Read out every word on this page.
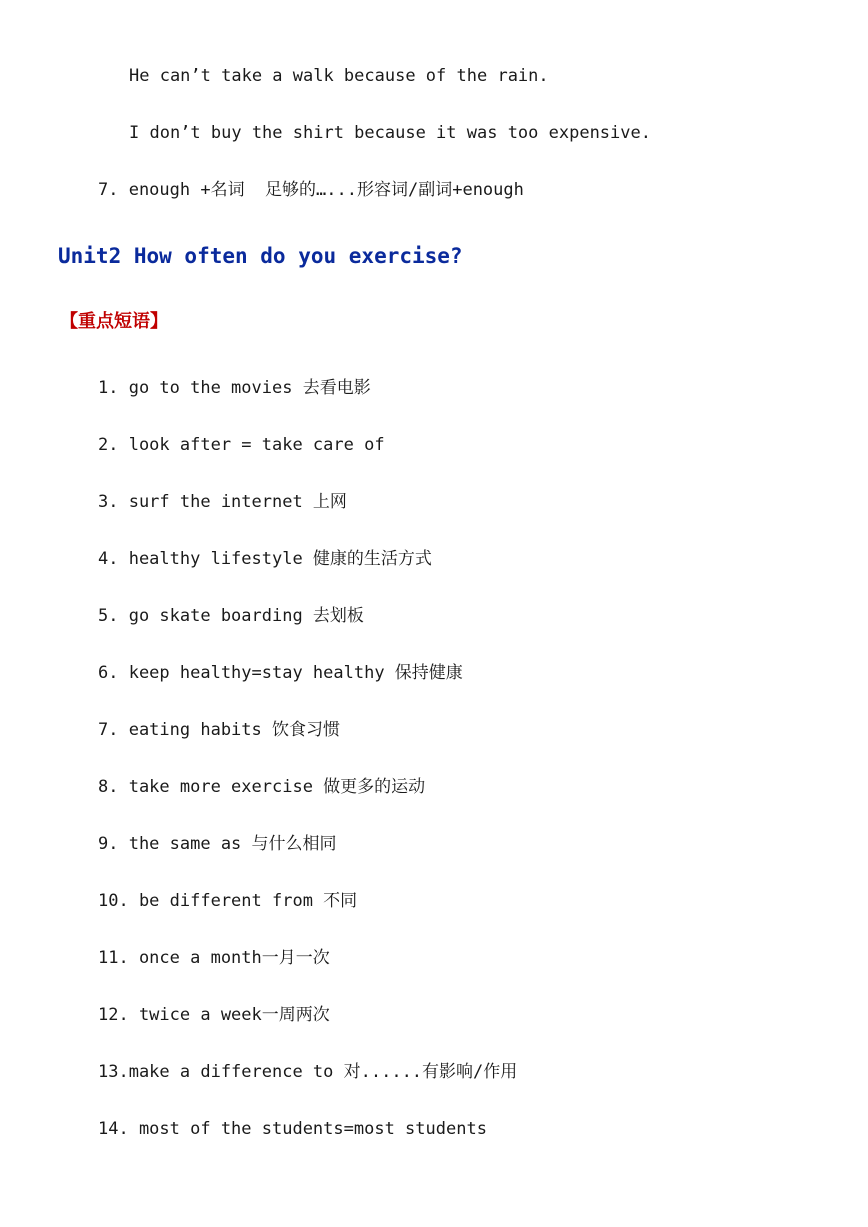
He can’t take a walk because of the rain.
I don’t buy the shirt because it was too expensive.
7. enough +名词  足够的…...形容词/副词+enough
Unit2 How often do you exercise?
【重点短语】
1. go to the movies 去看电影
2. look after = take care of
3. surf the internet 上网
4. healthy lifestyle 健康的生活方式
5. go skate boarding 去划板
6. keep healthy=stay healthy 保持健康
7. eating habits 饮食习惯
8. take more exercise 做更多的运动
9. the same as 与什么相同
10. be different from 不同
11. once a month一月一次
12. twice a week一周两次
13.make a difference to 对......有影响/作用
14. most of the students=most students
